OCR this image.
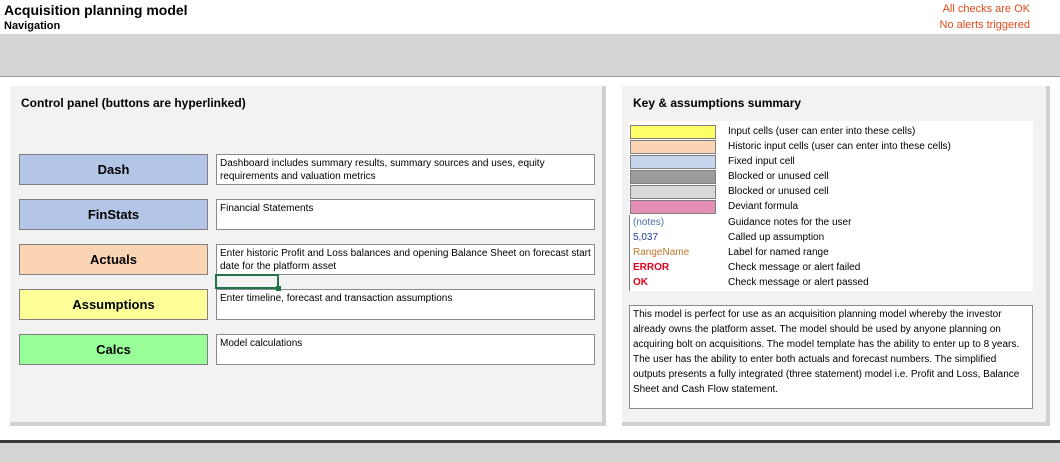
Acquisition planning model
Navigation
All checks are OK
No alerts triggered
Control panel (buttons are hyperlinked)
Dash	Dashboard includes summary results, summary sources and uses, equity requirements and valuation metrics
FinStats	Financial Statements
Actuals	Enter historic Profit and Loss balances and opening Balance Sheet on forecast start date for the platform asset
Assumptions	Enter timeline, forecast and transaction assumptions
Calcs	Model calculations
Key & assumptions summary
Input cells (user can enter into these cells)
Historic input cells (user can enter into these cells)
Fixed input cell
Blocked or unused cell
Blocked or unused cell
Deviant formula
(notes)	Guidance notes for the user
5,037	Called up assumption
RangeName	Label for named range
ERROR	Check message or alert failed
OK	Check message or alert passed
This model is perfect for use as an acquisition planning model whereby the investor already owns the platform asset. The model should be used by anyone planning on acquiring bolt on acquisitions. The model template has the ability to enter up to 8 years. The user has the ability to enter both actuals and forecast numbers. The simplified outputs presents a fully integrated (three statement) model i.e. Profit and Loss, Balance Sheet and Cash Flow statement.
